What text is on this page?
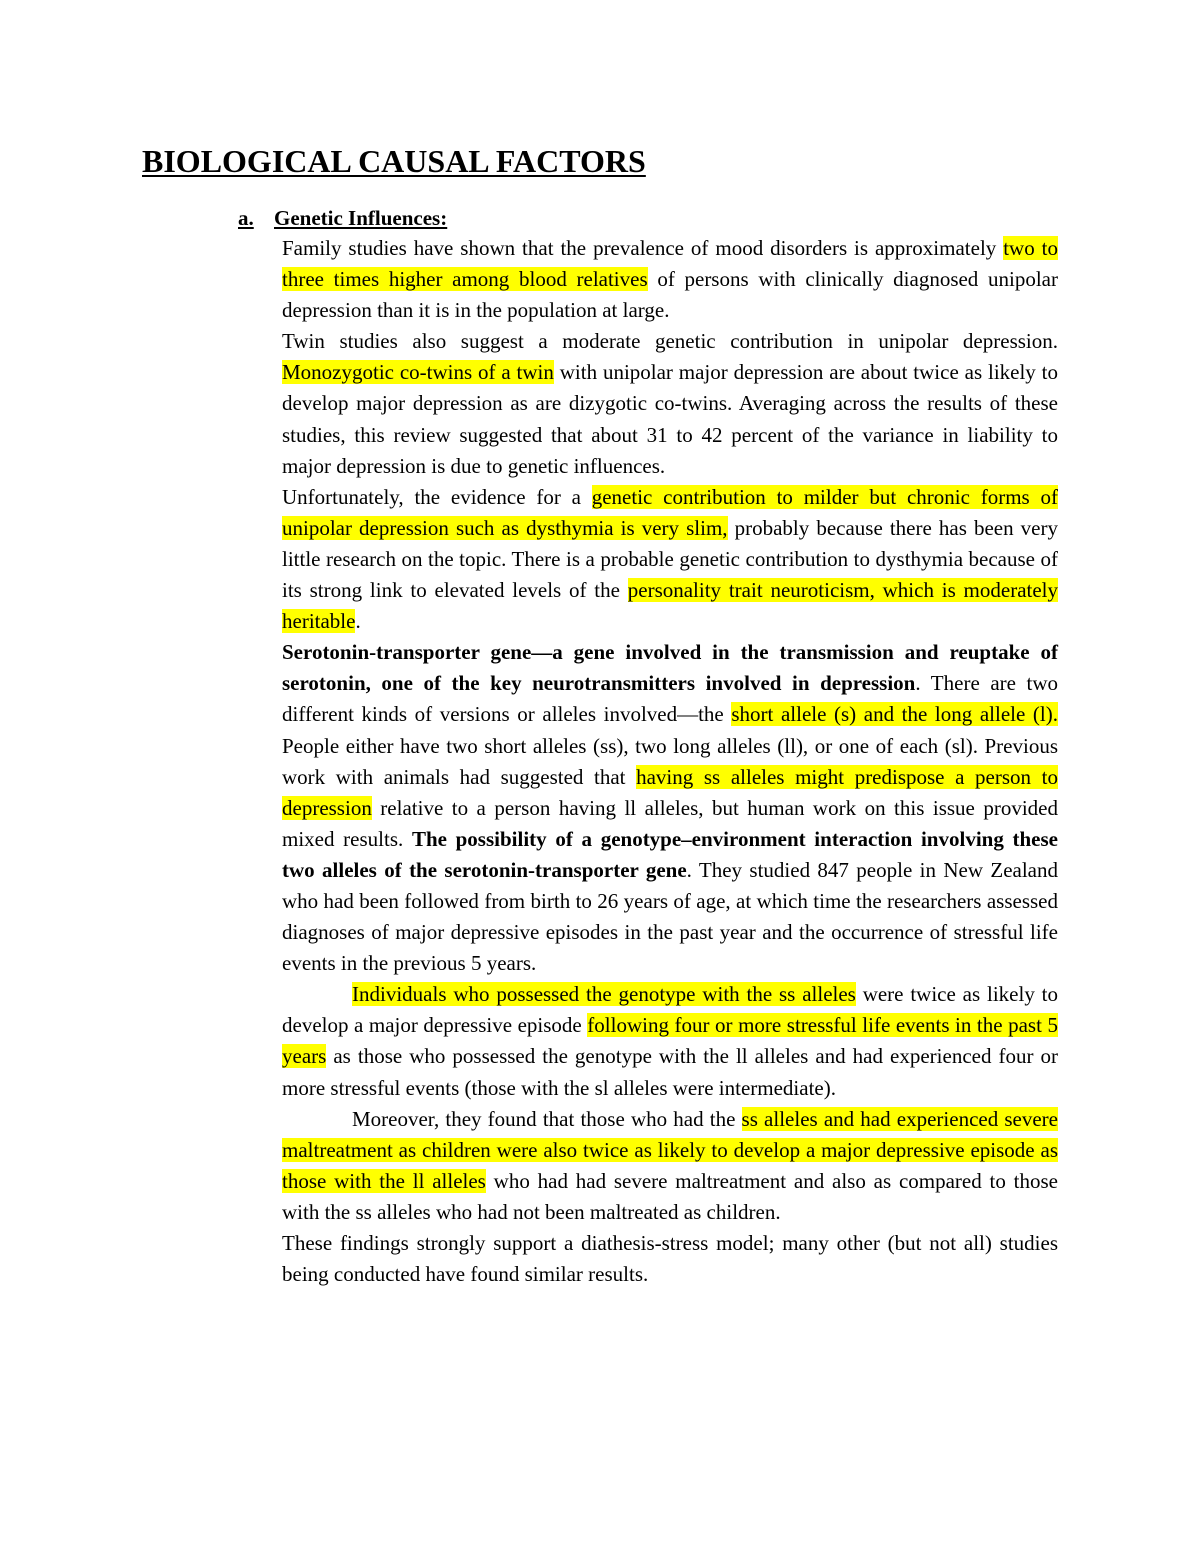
BIOLOGICAL CAUSAL FACTORS
a. Genetic Influences:

Family studies have shown that the prevalence of mood disorders is approximately two to three times higher among blood relatives of persons with clinically diagnosed unipolar depression than it is in the population at large.

Twin studies also suggest a moderate genetic contribution in unipolar depression. Monozygotic co-twins of a twin with unipolar major depression are about twice as likely to develop major depression as are dizygotic co-twins. Averaging across the results of these studies, this review suggested that about 31 to 42 percent of the variance in liability to major depression is due to genetic influences.

Unfortunately, the evidence for a genetic contribution to milder but chronic forms of unipolar depression such as dysthymia is very slim, probably because there has been very little research on the topic. There is a probable genetic contribution to dysthymia because of its strong link to elevated levels of the personality trait neuroticism, which is moderately heritable.

Serotonin-transporter gene—a gene involved in the transmission and reuptake of serotonin, one of the key neurotransmitters involved in depression. There are two different kinds of versions or alleles involved—the short allele (s) and the long allele (l). People either have two short alleles (ss), two long alleles (ll), or one of each (sl). Previous work with animals had suggested that having ss alleles might predispose a person to depression relative to a person having ll alleles, but human work on this issue provided mixed results. The possibility of a genotype–environment interaction involving these two alleles of the serotonin-transporter gene. They studied 847 people in New Zealand who had been followed from birth to 26 years of age, at which time the researchers assessed diagnoses of major depressive episodes in the past year and the occurrence of stressful life events in the previous 5 years.

Individuals who possessed the genotype with the ss alleles were twice as likely to develop a major depressive episode following four or more stressful life events in the past 5 years as those who possessed the genotype with the ll alleles and had experienced four or more stressful events (those with the sl alleles were intermediate).

Moreover, they found that those who had the ss alleles and had experienced severe maltreatment as children were also twice as likely to develop a major depressive episode as those with the ll alleles who had had severe maltreatment and also as compared to those with the ss alleles who had not been maltreated as children.

These findings strongly support a diathesis-stress model; many other (but not all) studies being conducted have found similar results.
